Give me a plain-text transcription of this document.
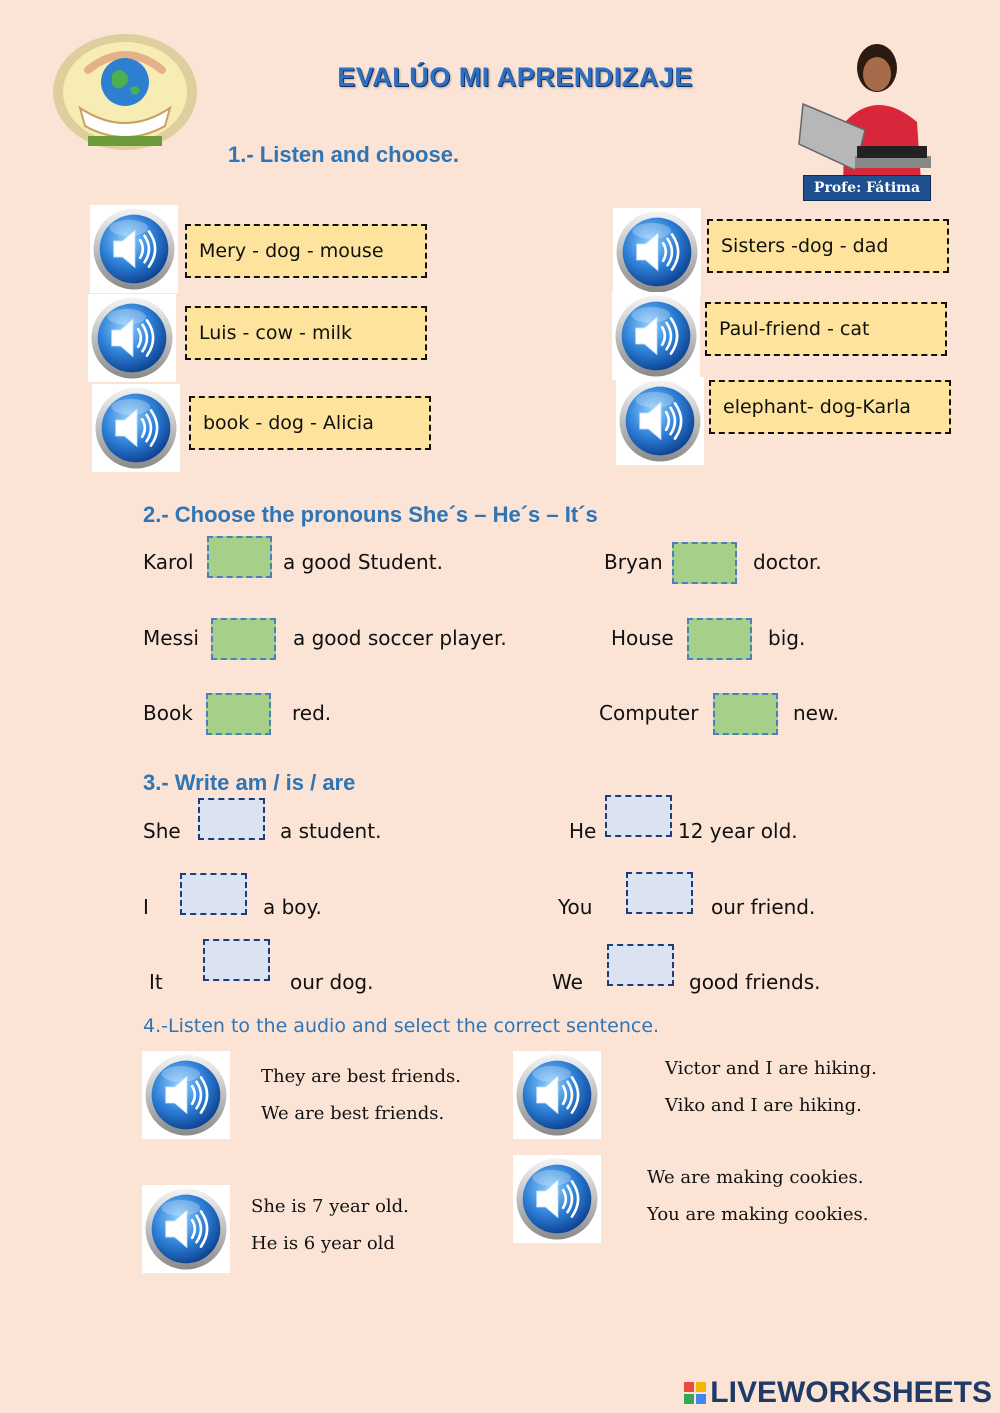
EVALÚO MI APRENDIZAJE
Profe: Fátima
1.- Listen and choose.
Mery - dog - mouse
Luis - cow - milk
book - dog - Alicia
Sisters -dog - dad
Paul-friend - cat
elephant- dog-Karla
2.- Choose the pronouns She´s – He´s – It´s
Karol	a good Student.
Messi	a good soccer player.
Book	red.
Bryan	doctor.
House	big.
Computer	new.
3.- Write am / is / are
She	a student.
I	a boy.
It	our dog.
He	12 year old.
You	our friend.
We	good friends.
4.-Listen to the audio and select the correct sentence.
They are best friends.
We are best friends.
She is 7 year old.
He is 6 year old
Victor and I are hiking.
Viko and I are hiking.
We are making cookies.
You are making cookies.
LIVEWORKSHEETS
